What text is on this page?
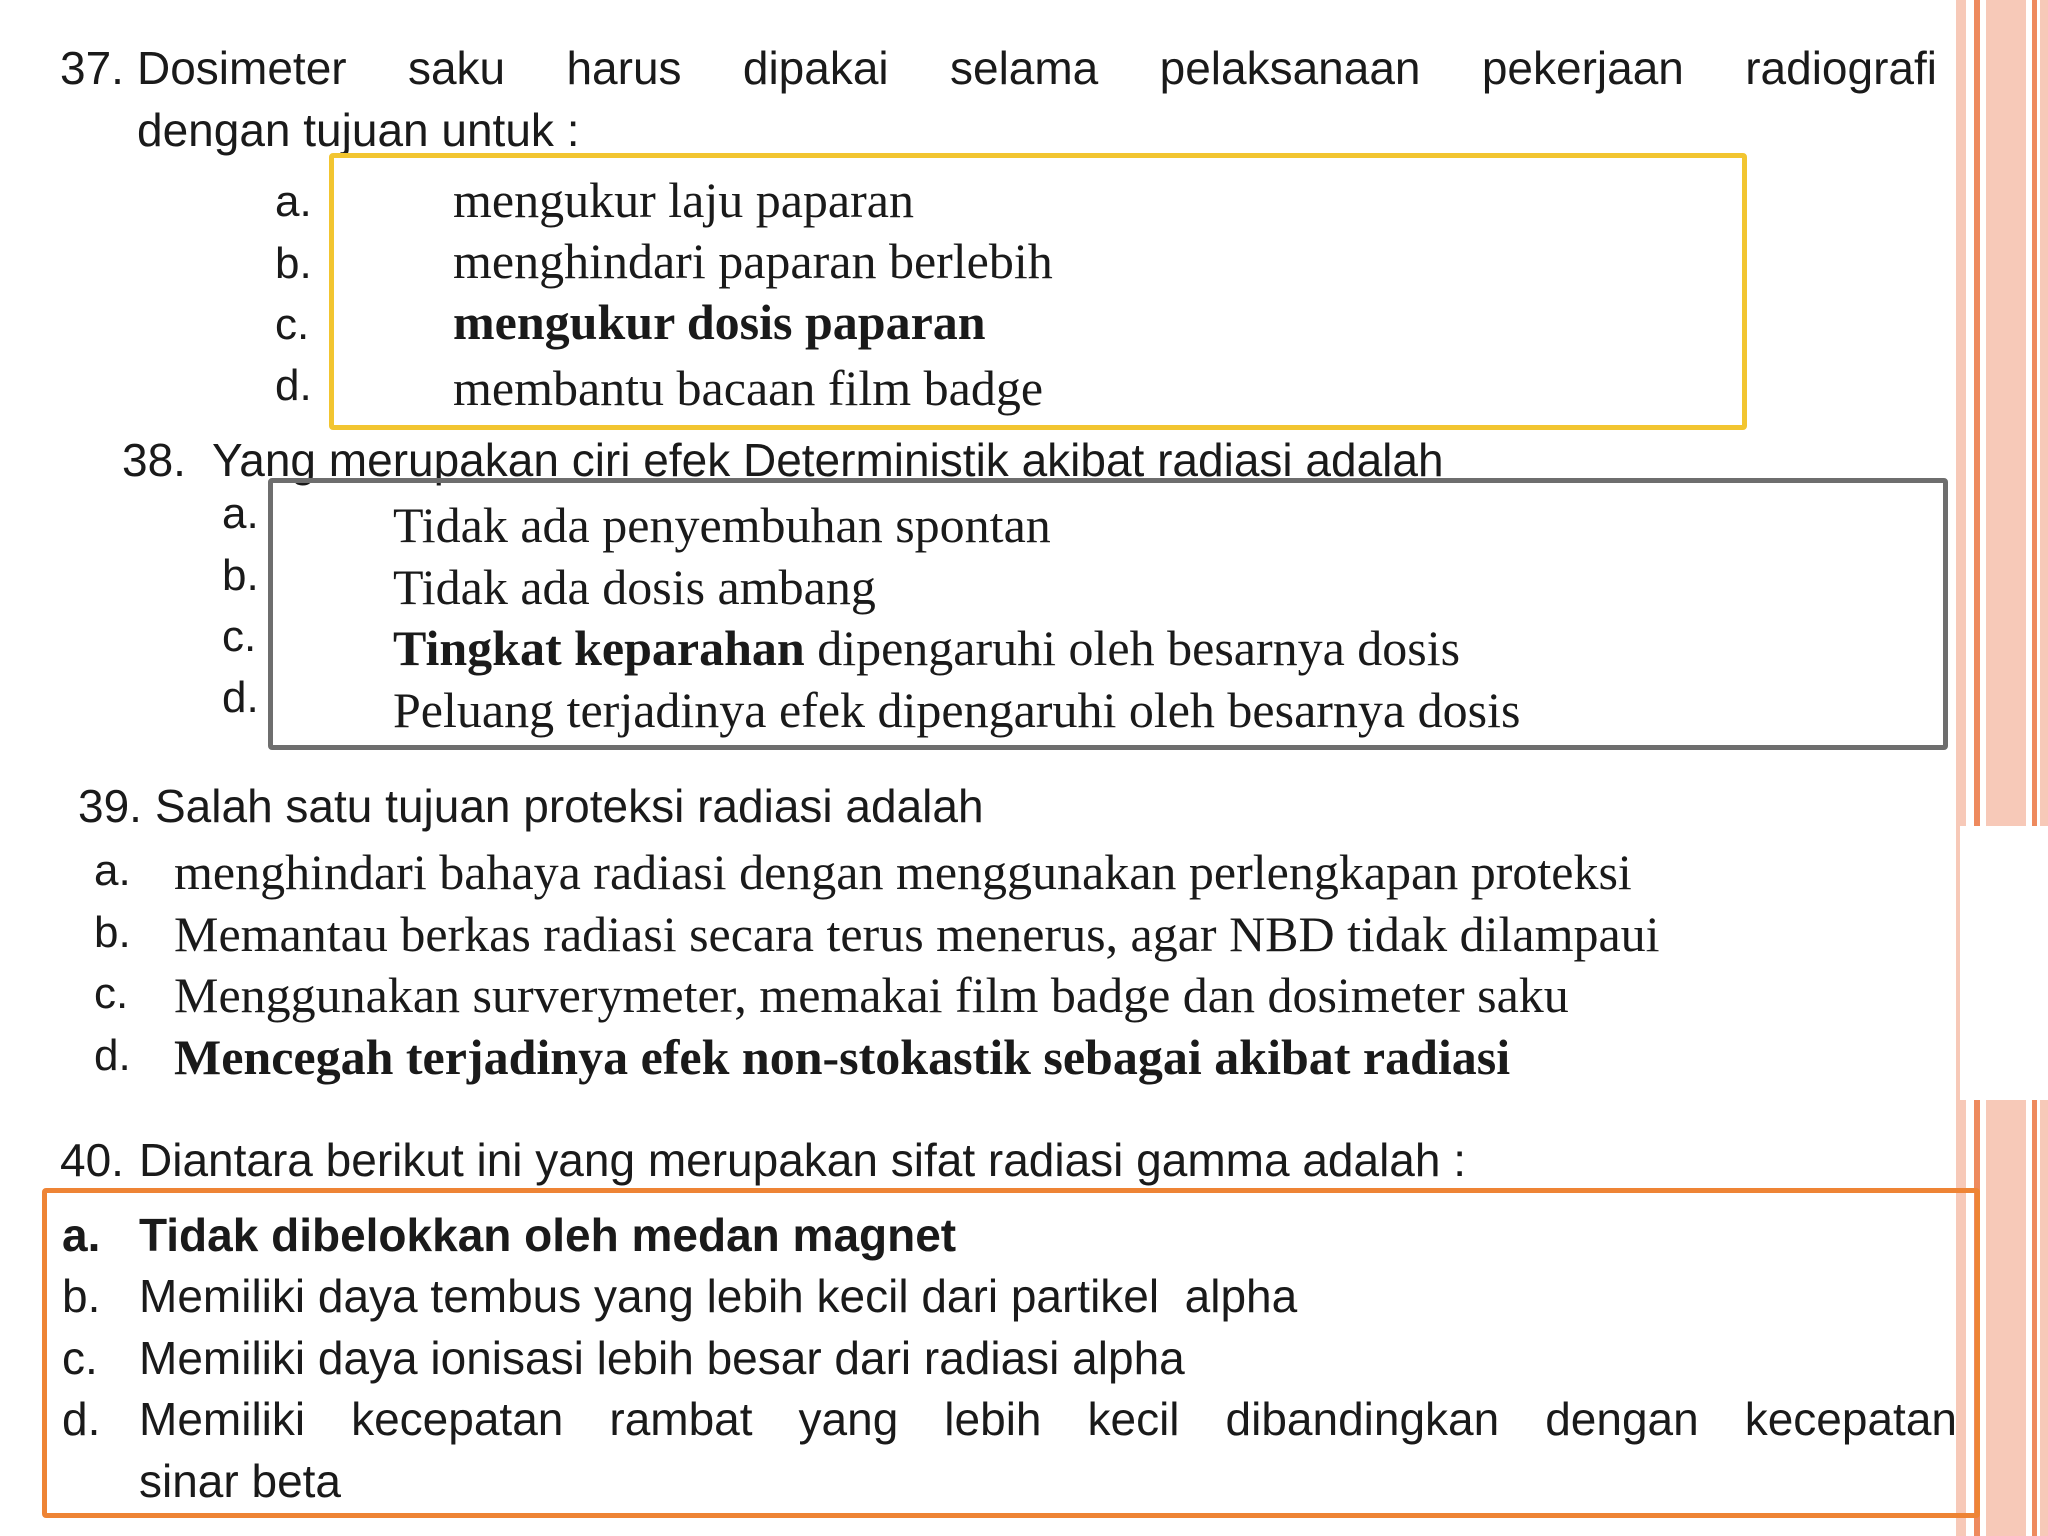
37. Dosimeter saku harus dipakai selama pelaksanaan pekerjaan radiografi
dengan tujuan untuk :
a.	mengukur laju paparan
b.	menghindari paparan berlebih
c.	mengukur dosis paparan
d.	membantu bacaan film badge
38. Yang merupakan ciri efek Deterministik akibat radiasi adalah
a.	Tidak ada penyembuhan spontan
b.	Tidak ada dosis ambang
c.	Tingkat keparahan dipengaruhi oleh besarnya dosis
d.	Peluang terjadinya efek dipengaruhi oleh besarnya dosis
39. Salah satu tujuan proteksi radiasi adalah
a. menghindari bahaya radiasi dengan menggunakan perlengkapan proteksi
b. Memantau berkas radiasi secara terus menerus, agar NBD tidak dilampaui
c. Menggunakan surverymeter, memakai film badge dan dosimeter saku
d. Mencegah terjadinya efek non-stokastik sebagai akibat radiasi
40. Diantara berikut ini yang merupakan sifat radiasi gamma adalah :
a. Tidak dibelokkan oleh medan magnet
b. Memiliki daya tembus yang lebih kecil dari partikel  alpha
c. Memiliki daya ionisasi lebih besar dari radiasi alpha
d. Memiliki kecepatan rambat yang lebih kecil dibandingkan dengan kecepatan
sinar beta
